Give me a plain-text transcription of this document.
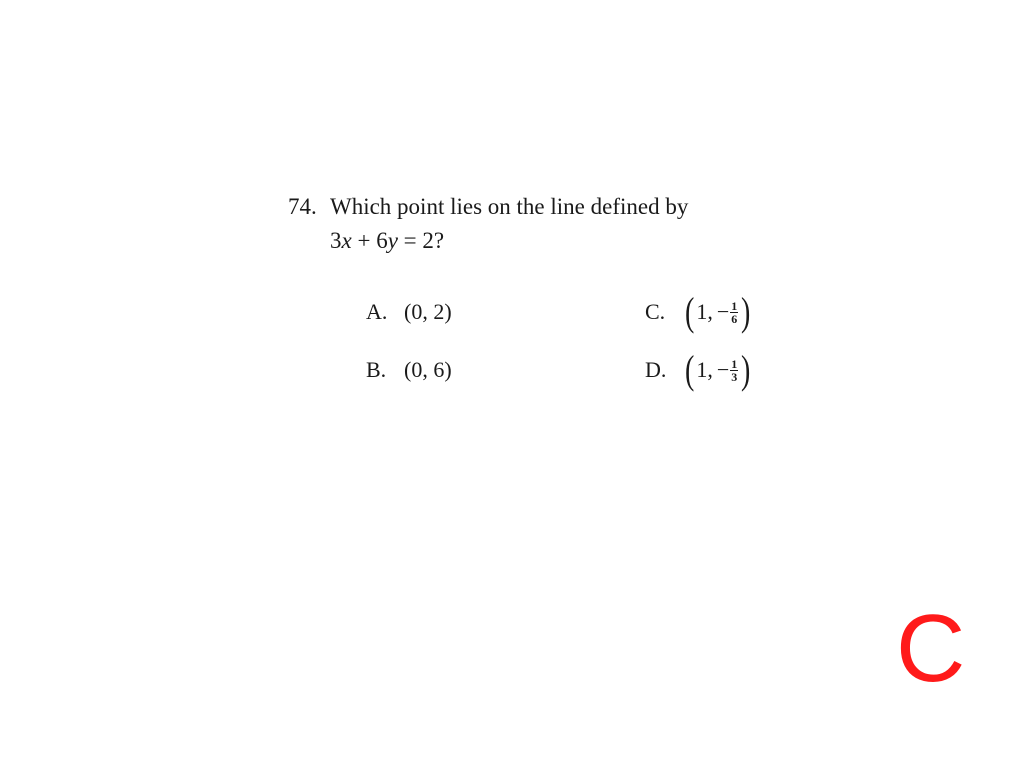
74. Which point lies on the line defined by
3x + 6y = 2?
A. (0, 2)
B. (0, 6)
C. ( 1, − $\frac{1}{6}$ )
D. ( 1, − $\frac{1}{3}$ )
C
